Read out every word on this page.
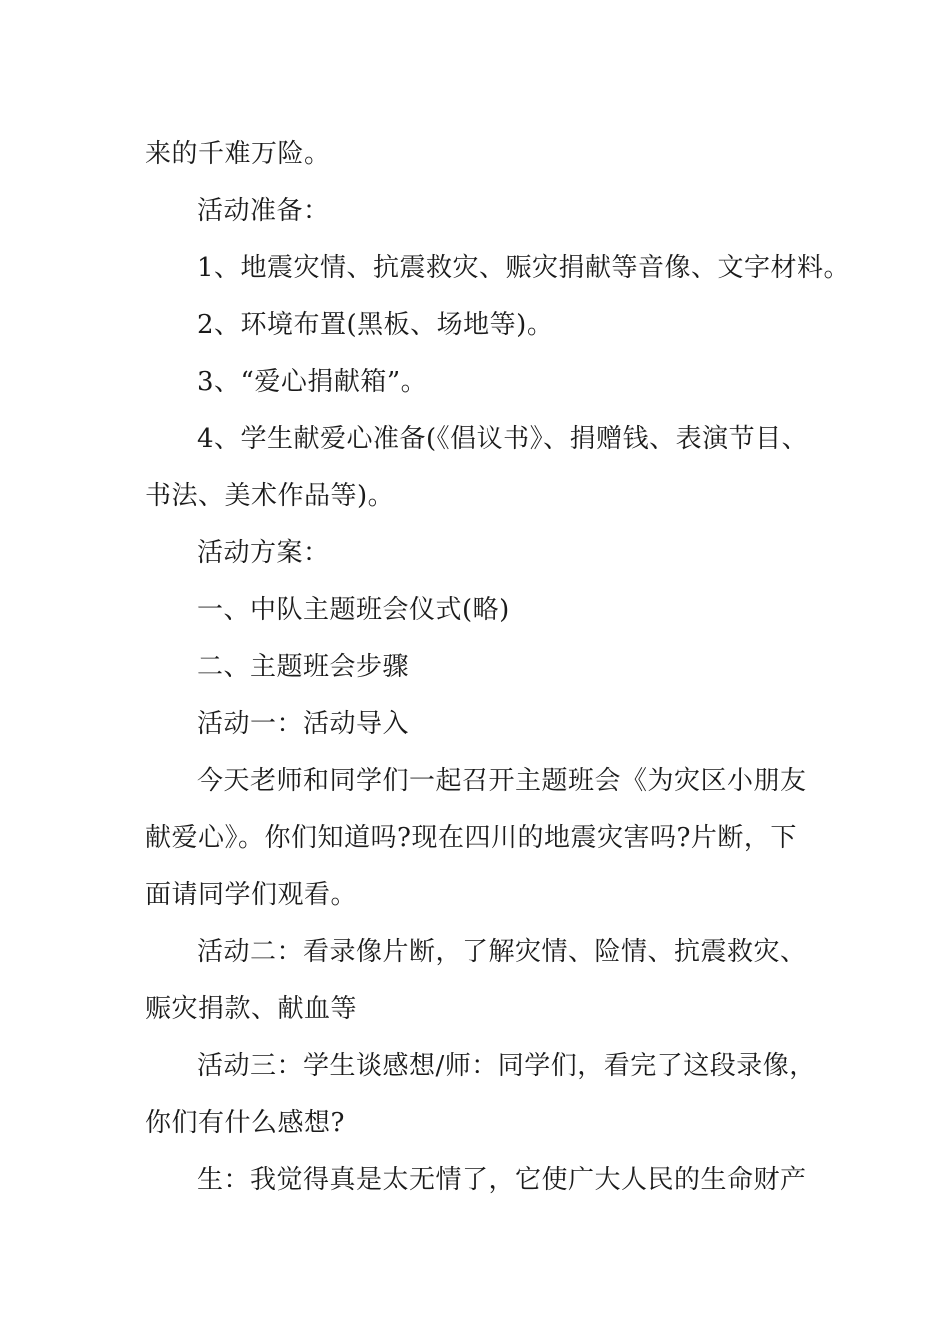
来的千难万险。
活动准备：
1、地震灾情、抗震救灾、赈灾捐献等音像、文字材料。
2、环境布置(黑板、场地等)。
3、“爱心捐献箱”。
4、学生献爱心准备(《倡议书》、捐赠钱、表演节目、
书法、美术作品等)。
活动方案：
一、中队主题班会仪式(略)
二、主题班会步骤
活动一：活动导入
今天老师和同学们一起召开主题班会《为灾区小朋友
献爱心》。你们知道吗?现在四川的地震灾害吗?片断，下
面请同学们观看。
活动二：看录像片断，了解灾情、险情、抗震救灾、
赈灾捐款、献血等
活动三：学生谈感想/师：同学们，看完了这段录像，
你们有什么感想?
生：我觉得真是太无情了，它使广大人民的生命财产
